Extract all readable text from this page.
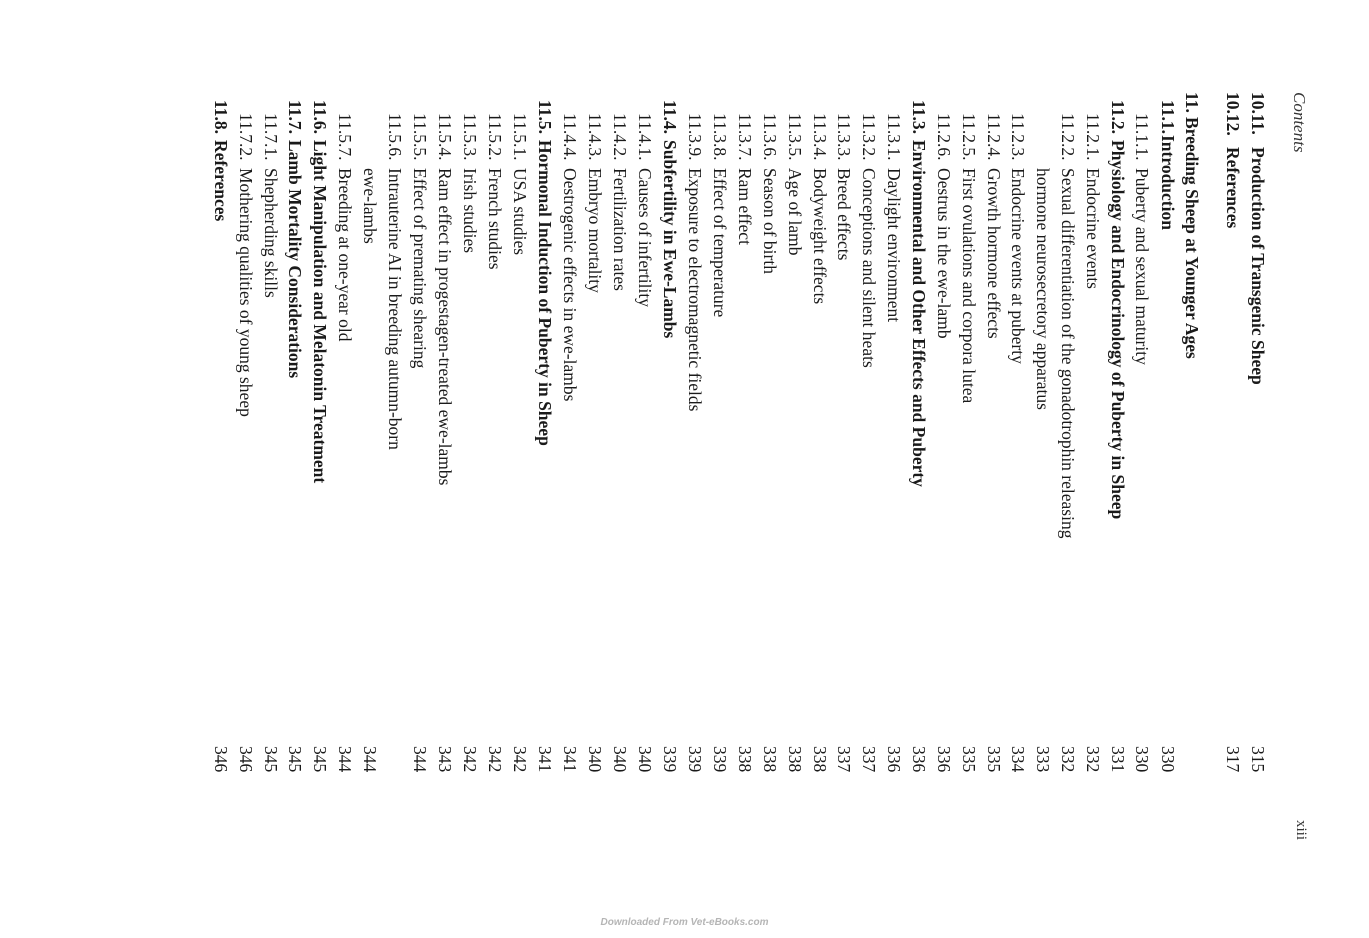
Contents
xiii
10.11.
Production of Transgenic Sheep
315
10.12.
References
317
11.
Breeding Sheep at Younger Ages
11.1.
Introduction
330
11.1.1.
Puberty and sexual maturity
330
11.2.
Physiology and Endocrinology of Puberty in Sheep
331
11.2.1.
Endocrine events
332
11.2.2.
Sexual differentiation of the gonadotrophin releasing
332
hormone neurosecretory apparatus
333
11.2.3.
Endocrine events at puberty
334
11.2.4.
Growth hormone effects
335
11.2.5.
First ovulations and corpora lutea
335
11.2.6.
Oestrus in the ewe-lamb
336
11.3.
Environmental and Other Effects and Puberty
336
11.3.1.
Daylight environment
336
11.3.2.
Conceptions and silent heats
337
11.3.3.
Breed effects
337
11.3.4.
Bodyweight effects
338
11.3.5.
Age of lamb
338
11.3.6.
Season of birth
338
11.3.7.
Ram effect
338
11.3.8.
Effect of temperature
339
11.3.9.
Exposure to electromagnetic fields
339
11.4.
Subfertility in Ewe-Lambs
339
11.4.1.
Causes of infertility
340
11.4.2.
Fertilization rates
340
11.4.3.
Embryo mortality
340
11.4.4.
Oestrogenic effects in ewe-lambs
341
11.5.
Hormonal Induction of Puberty in Sheep
341
11.5.1.
USA studies
342
11.5.2.
French studies
342
11.5.3.
Irish studies
342
11.5.4.
Ram effect in progestagen-treated ewe-lambs
343
11.5.5.
Effect of premating shearing
344
11.5.6.
Intrauterine AI in breeding autumn-born
ewe-lambs
344
11.5.7.
Breeding at one-year old
344
11.6.
Light Manipulation and Melatonin Treatment
345
11.7.
Lamb Mortality Considerations
345
11.7.1.
Shepherding skills
345
11.7.2.
Mothering qualities of young sheep
346
11.8.
References
346
Downloaded From Vet-eBooks.com
